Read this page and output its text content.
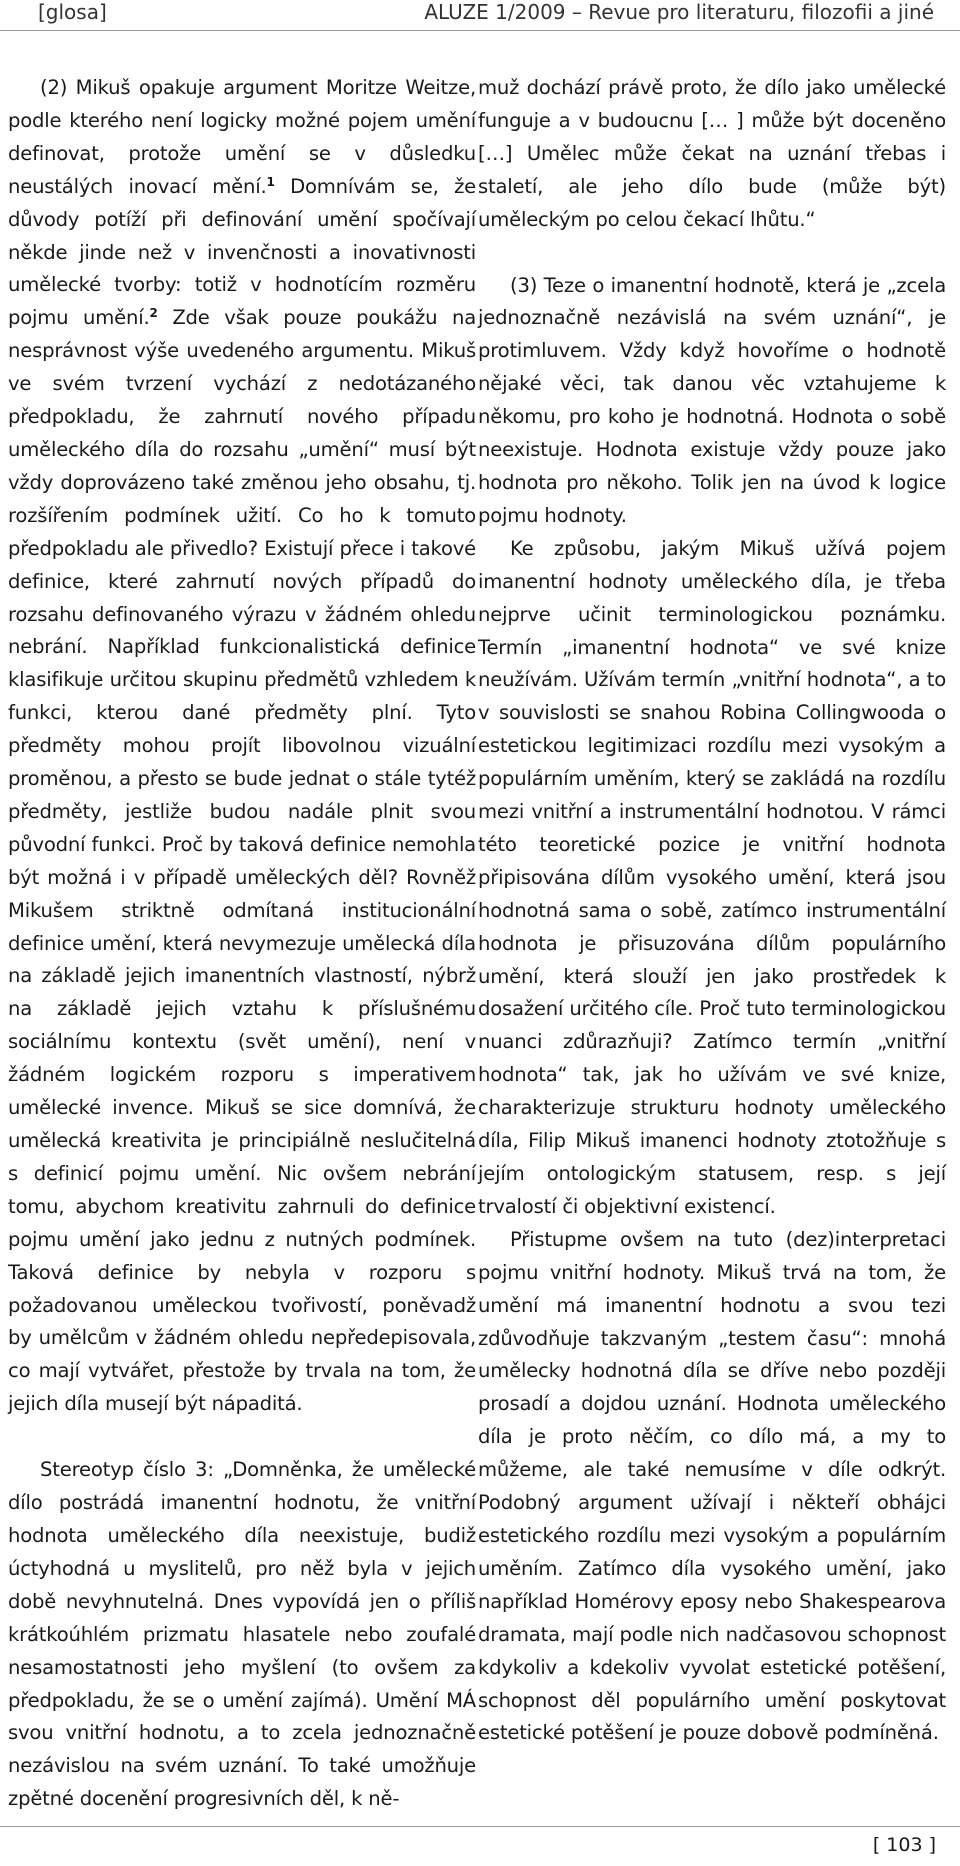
[glosa]	ALUZE 1/2009 – Revue pro literaturu, filozofii a jiné

(2) Mikuš opakuje argument Moritze Weitze, podle kterého není logicky možné pojem umění definovat, protože umění se v důsledku neustálých inovací mění.$^1$ Domnívám se, že důvody potíží při definování umění spočívají někde jinde než v invenčnosti a inovativnosti umělecké tvorby: totiž v hodnotícím rozměru pojmu umění.$^2$ Zde však pouze poukážu na nesprávnost výše uvedeného argumentu. Mikuš ve svém tvrzení vychází z nedotázaného předpokladu, že zahrnutí nového případu uměleckého díla do rozsahu „umění“ musí být vždy doprovázeno také změnou jeho obsahu, tj. rozšířením podmínek užití. Co ho k tomuto předpokladu ale přivedlo? Existují přece i takové definice, které zahrnutí nových případů do rozsahu definovaného výrazu v žádném ohledu nebrání. Například funkcionalistická definice klasifikuje určitou skupinu předmětů vzhledem k funkci, kterou dané předměty plní. Tyto předměty mohou projít libovolnou vizuální proměnou, a přesto se bude jednat o stále tytéž předměty, jestliže budou nadále plnit svou původní funkci. Proč by taková definice nemohla být možná i v případě uměleckých děl? Rovněž Mikušem striktně odmítaná institucionální definice umění, která nevymezuje umělecká díla na základě jejich imanentních vlastností, nýbrž na základě jejich vztahu k příslušnému sociálnímu kontextu (svět umění), není v žádném logickém rozporu s imperativem umělecké invence. Mikuš se sice domnívá, že umělecká kreativita je principiálně neslučitelná s definicí pojmu umění. Nic ovšem nebrání tomu, abychom kreativitu zahrnuli do definice pojmu umění jako jednu z nutných podmínek. Taková definice by nebyla v rozporu s požadovanou uměleckou tvořivostí, poněvadž by umělcům v žádném ohledu nepředepisovala, co mají vytvářet, přestože by trvala na tom, že jejich díla musejí být nápaditá.

Stereotyp číslo 3: „Domněnka, že umělecké dílo postrádá imanentní hodnotu, že vnitřní hodnota uměleckého díla neexistuje, budiž úctyhodná u myslitelů, pro něž byla v jejich době nevyhnutelná. Dnes vypovídá jen o příliš krátkoúhlém prizmatu hlasatele nebo zoufalé nesamostatnosti jeho myšlení (to ovšem za předpokladu, že se o umění zajímá). Umění MÁ svou vnitřní hodnotu, a to zcela jednoznačně nezávislou na svém uznání. To také umožňuje zpětné docenění progresivních děl, k ně-

muž dochází právě proto, že dílo jako umělecké funguje a v budoucnu [… ] může být doceněno […] Umělec může čekat na uznání třebas i staletí, ale jeho dílo bude (může být) uměleckým po celou čekací lhůtu.“

(3) Teze o imanentní hodnotě, která je „zcela jednoznačně nezávislá na svém uznání“, je protimluvem. Vždy když hovoříme o hodnotě nějaké věci, tak danou věc vztahujeme k někomu, pro koho je hodnotná. Hodnota o sobě neexistuje. Hodnota existuje vždy pouze jako hodnota pro někoho. Tolik jen na úvod k logice pojmu hodnoty.

Ke způsobu, jakým Mikuš užívá pojem imanentní hodnoty uměleckého díla, je třeba nejprve učinit terminologickou poznámku. Termín „imanentní hodnota“ ve své knize neužívám. Užívám termín „vnitřní hodnota“, a to v souvislosti se snahou Robina Collingwooda o estetickou legitimizaci rozdílu mezi vysokým a populárním uměním, který se zakládá na rozdílu mezi vnitřní a instrumentální hodnotou. V rámci této teoretické pozice je vnitřní hodnota připisována dílům vysokého umění, která jsou hodnotná sama o sobě, zatímco instrumentální hodnota je přisuzována dílům populárního umění, která slouží jen jako prostředek k dosažení určitého cíle. Proč tuto terminologickou nuanci zdůrazňuji? Zatímco termín „vnitřní hodnota“ tak, jak ho užívám ve své knize, charakterizuje strukturu hodnoty uměleckého díla, Filip Mikuš imanenci hodnoty ztotožňuje s jejím ontologickým statusem, resp. s její trvalostí či objektivní existencí.

Přistupme ovšem na tuto (dez)interpretaci pojmu vnitřní hodnoty. Mikuš trvá na tom, že umění má imanentní hodnotu a svou tezi zdůvodňuje takzvaným „testem času“: mnohá umělecky hodnotná díla se dříve nebo později prosadí a dojdou uznání. Hodnota uměleckého díla je proto něčím, co dílo má, a my to můžeme, ale také nemusíme v díle odkrýt. Podobný argument užívají i někteří obhájci estetického rozdílu mezi vysokým a populárním uměním. Zatímco díla vysokého umění, jako například Homérovy eposy nebo Shakespearova dramata, mají podle nich nadčasovou schopnost kdykoliv a kdekoliv vyvolat estetické potěšení, schopnost děl populárního umění poskytovat estetické potěšení je pouze dobově podmíněná.

[ 103 ]
